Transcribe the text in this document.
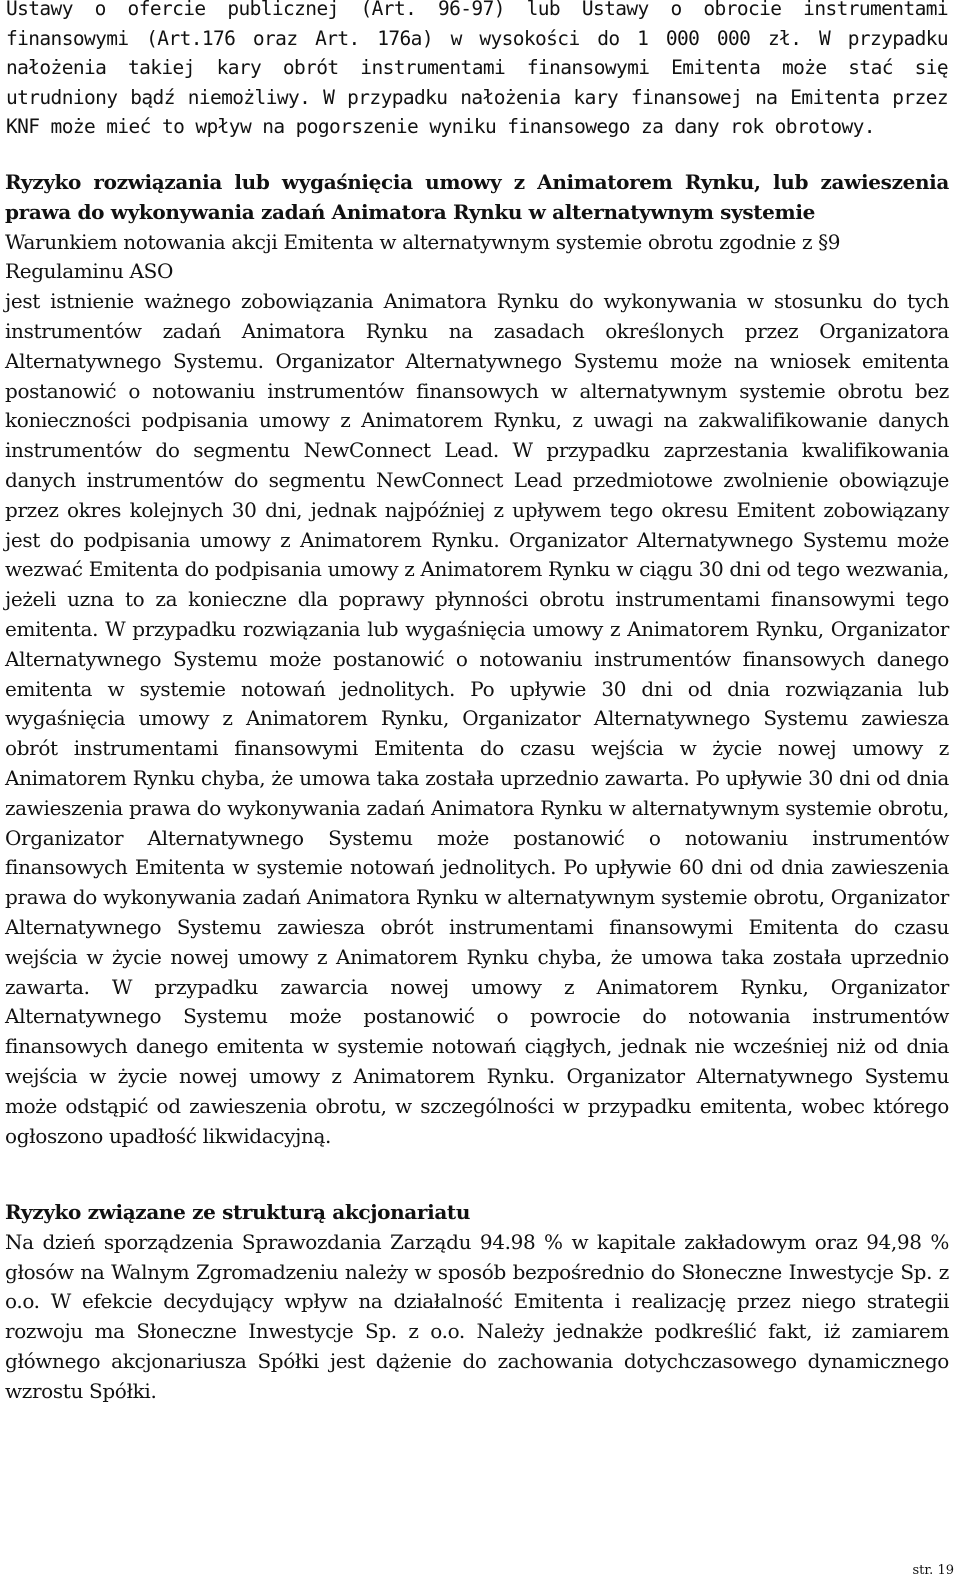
Ustawy o ofercie publicznej (Art. 96-97) lub Ustawy o obrocie instrumentami finansowymi (Art.176 oraz Art. 176a) w wysokości do 1 000 000 zł. W przypadku nałożenia takiej kary obrót instrumentami finansowymi Emitenta może stać się utrudniony bądź niemożliwy. W przypadku nałożenia kary finansowej na Emitenta przez KNF może mieć to wpływ na pogorszenie wyniku finansowego za dany rok obrotowy.

Ryzyko rozwiązania lub wygaśnięcia umowy z Animatorem Rynku, lub zawieszenia prawa do wykonywania zadań Animatora Rynku w alternatywnym systemie

Warunkiem notowania akcji Emitenta w alternatywnym systemie obrotu zgodnie z §9 Regulaminu ASO

jest istnienie ważnego zobowiązania Animatora Rynku do wykonywania w stosunku do tych instrumentów zadań Animatora Rynku na zasadach określonych przez Organizatora Alternatywnego Systemu. Organizator Alternatywnego Systemu może na wniosek emitenta postanowić o notowaniu instrumentów finansowych w alternatywnym systemie obrotu bez konieczności podpisania umowy z Animatorem Rynku, z uwagi na zakwalifikowanie danych instrumentów do segmentu NewConnect Lead. W przypadku zaprzestania kwalifikowania danych instrumentów do segmentu NewConnect Lead przedmiotowe zwolnienie obowiązuje przez okres kolejnych 30 dni, jednak najpóźniej z upływem tego okresu Emitent zobowiązany jest do podpisania umowy z Animatorem Rynku. Organizator Alternatywnego Systemu może wezwać Emitenta do podpisania umowy z Animatorem Rynku w ciągu 30 dni od tego wezwania, jeżeli uzna to za konieczne dla poprawy płynności obrotu instrumentami finansowymi tego emitenta. W przypadku rozwiązania lub wygaśnięcia umowy z Animatorem Rynku, Organizator Alternatywnego Systemu może postanowić o notowaniu instrumentów finansowych danego emitenta w systemie notowań jednolitych. Po upływie 30 dni od dnia rozwiązania lub wygaśnięcia umowy z Animatorem Rynku, Organizator Alternatywnego Systemu zawiesza obrót instrumentami finansowymi Emitenta do czasu wejścia w życie nowej umowy z Animatorem Rynku chyba, że umowa taka została uprzednio zawarta. Po upływie 30 dni od dnia zawieszenia prawa do wykonywania zadań Animatora Rynku w alternatywnym systemie obrotu, Organizator Alternatywnego Systemu może postanowić o notowaniu instrumentów finansowych Emitenta w systemie notowań jednolitych. Po upływie 60 dni od dnia zawieszenia prawa do wykonywania zadań Animatora Rynku w alternatywnym systemie obrotu, Organizator Alternatywnego Systemu zawiesza obrót instrumentami finansowymi Emitenta do czasu wejścia w życie nowej umowy z Animatorem Rynku chyba, że umowa taka została uprzednio zawarta. W przypadku zawarcia nowej umowy z Animatorem Rynku, Organizator Alternatywnego Systemu może postanowić o powrocie do notowania instrumentów finansowych danego emitenta w systemie notowań ciągłych, jednak nie wcześniej niż od dnia wejścia w życie nowej umowy z Animatorem Rynku. Organizator Alternatywnego Systemu może odstąpić od zawieszenia obrotu, w szczególności w przypadku emitenta, wobec którego ogłoszono upadłość likwidacyjną.

Ryzyko związane ze strukturą akcjonariatu

Na dzień sporządzenia Sprawozdania Zarządu 94.98 % w kapitale zakładowym oraz 94,98 % głosów na Walnym Zgromadzeniu należy w sposób bezpośrednio do Słoneczne Inwestycje Sp. z o.o. W efekcie decydujący wpływ na działalność Emitenta i realizację przez niego strategii rozwoju ma Słoneczne Inwestycje Sp. z o.o. Należy jednakże podkreślić fakt, iż zamiarem głównego akcjonariusza Spółki jest dążenie do zachowania dotychczasowego dynamicznego wzrostu Spółki.

str. 19
